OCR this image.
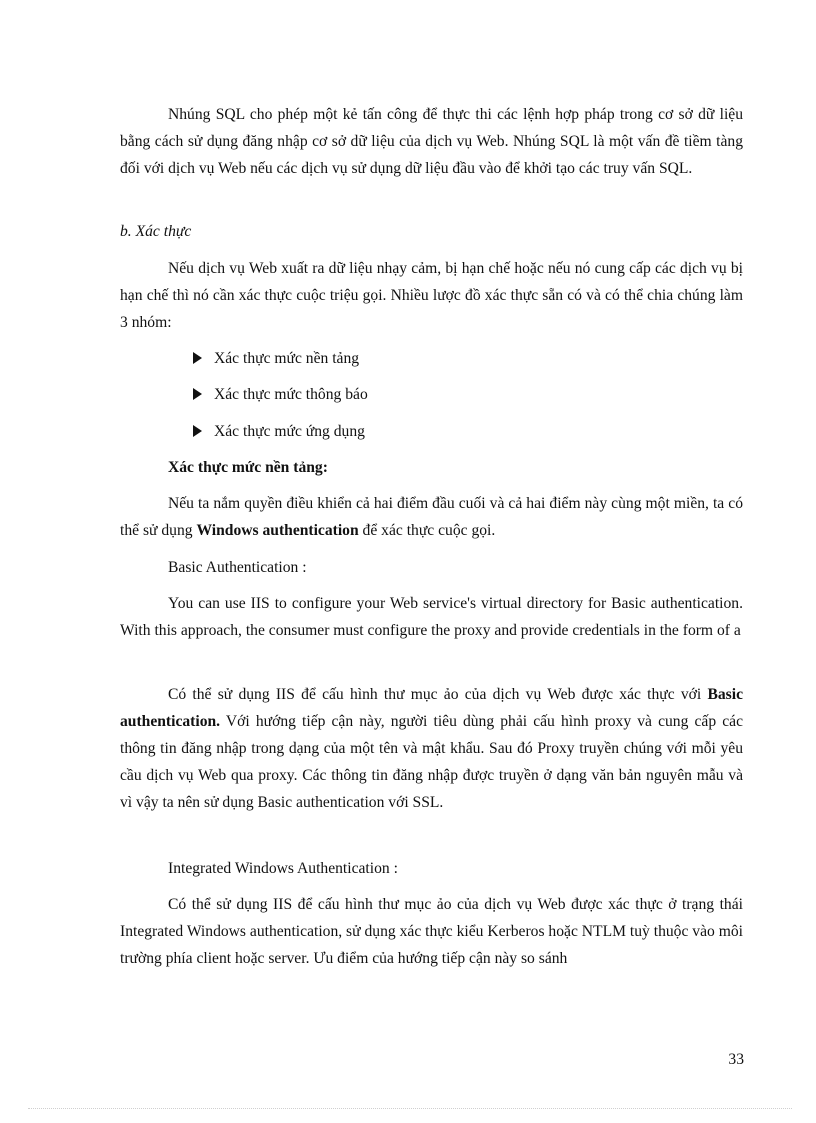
Nhúng SQL cho phép một kẻ tấn công để thực thi các lệnh hợp pháp trong cơ sở dữ liệu bằng cách sử dụng đăng nhập cơ sở dữ liệu của dịch vụ Web. Nhúng SQL là một vấn đề tiềm tàng đối với dịch vụ Web nếu các dịch vụ sử dụng dữ liệu đầu vào để khởi tạo các truy vấn SQL.

b. Xác thực

Nếu dịch vụ Web xuất ra dữ liệu nhạy cảm, bị hạn chế hoặc nếu nó cung cấp các dịch vụ bị hạn chế thì nó cần xác thực cuộc triệu gọi. Nhiều lược đồ xác thực sẵn có và có thể chia chúng làm 3 nhóm:

Xác thực mức nền tảng
Xác thực mức thông báo
Xác thực mức ứng dụng

Xác thực mức nền tảng:

Nếu ta nắm quyền điều khiển cả hai điểm đầu cuối và cả hai điểm này cùng một miền, ta có thể sử dụng Windows authentication để xác thực cuộc gọi.

Basic Authentication :

You can use IIS to configure your Web service's virtual directory for Basic authentication. With this approach, the consumer must configure the proxy and provide credentials in the form of a

Có thể sử dụng IIS để cấu hình thư mục ảo của dịch vụ Web được xác thực với Basic authentication. Với hướng tiếp cận này, người tiêu dùng phải cấu hình proxy và cung cấp các thông tin đăng nhập trong dạng của một tên và mật khẩu. Sau đó Proxy truyền chúng với mỗi yêu cầu dịch vụ Web qua proxy. Các thông tin đăng nhập được truyền ở dạng văn bản nguyên mẫu và vì vậy ta nên sử dụng Basic authentication với SSL.

Integrated Windows Authentication :

Có thể sử dụng IIS để cấu hình thư mục ảo của dịch vụ Web được xác thực ở trạng thái Integrated Windows authentication, sử dụng xác thực kiểu Kerberos hoặc NTLM tuỳ thuộc vào môi trường phía client hoặc server. Ưu điểm của hướng tiếp cận này so sánh

33
